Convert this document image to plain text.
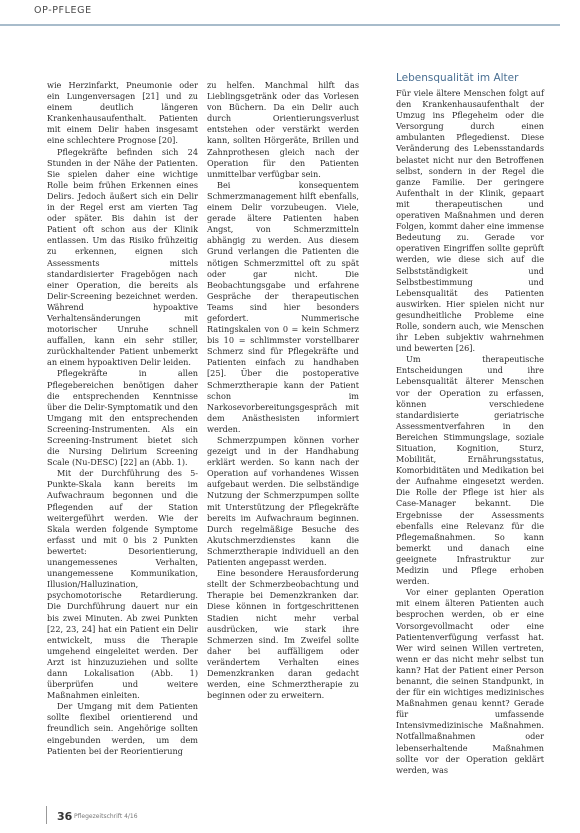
OP-PFLEGE

wie Herzinfarkt, Pneumonie oder ein Lungenversagen [21] und zu einem deutlich längeren Krankenhausaufenthalt. Patienten mit einem Delir haben insgesamt eine schlechtere Prognose [20].

Pflegekräfte befinden sich 24 Stunden in der Nähe der Patienten. Sie spielen daher eine wichtige Rolle beim frühen Erkennen eines Delirs. Jedoch äußert sich ein Delir in der Regel erst am vierten Tag oder später. Bis dahin ist der Patient oft schon aus der Klinik entlassen. Um das Risiko frühzeitig zu erkennen, eignen sich Assessments mittels standardisierter Fragebögen nach einer Operation, die bereits als Delir-Screening bezeichnet werden. Während hypoaktive Verhaltensänderungen mit motorischer Unruhe schnell auffallen, kann ein sehr stiller, zurückhaltender Patient unbemerkt an einem hypoaktiven Delir leiden.

Pflegekräfte in allen Pflegebereichen benötigen daher die entsprechenden Kenntnisse über die Delir-Symptomatik und den Umgang mit den entsprechenden Screening-Instrumenten. Als ein Screening-Instrument bietet sich die Nursing Delirium Screening Scale (Nu-DESC) [22] an (Abb. 1).

Mit der Durchführung des 5-Punkte-Skala kann bereits im Aufwachraum begonnen und die Pflegenden auf der Station weitergeführt werden. Wie der Skala werden folgende Symptome erfasst und mit 0 bis 2 Punkten bewertet: Desorientierung, unangemessenes Verhalten, unangemessene Kommunikation, Illusion/Halluzination, psychomotorische Retardierung. Die Durchführung dauert nur ein bis zwei Minuten. Ab zwei Punkten [22, 23, 24] hat ein Patient ein Delir entwickelt, muss die Therapie umgehend eingeleitet werden. Der Arzt ist hinzuzuziehen und sollte dann Lokalisation (Abb. 1) überprüfen und weitere Maßnahmen einleiten.

Der Umgang mit dem Patienten sollte flexibel orientierend und freundlich sein. Angehörige sollten eingebunden werden, um dem Patienten bei der Reorientierung

zu helfen. Manchmal hilft das Lieblingsgetränk oder das Vorlesen von Büchern. Da ein Delir auch durch Orientierungsverlust entstehen oder verstärkt werden kann, sollten Hörgeräte, Brillen und Zahnprothesen gleich nach der Operation für den Patienten unmittelbar verfügbar sein.

Bei konsequentem Schmerzmanagement hilft ebenfalls, einem Delir vorzubeugen. Viele, gerade ältere Patienten haben Angst, von Schmerzmitteln abhängig zu werden. Aus diesem Grund verlangen die Patienten die nötigen Schmerzmittel oft zu spät oder gar nicht. Die Beobachtungsgabe und erfahrene Gespräche der therapeutischen Teams sind hier besonders gefordert. Nummerische Ratingskalen von 0 = kein Schmerz bis 10 = schlimmster vorstellbarer Schmerz sind für Pflegekräfte und Patienten einfach zu handhaben [25]. Über die postoperative Schmerztherapie kann der Patient schon im Narkosevorbereitungsgespräch mit dem Anästhesisten informiert werden.

Schmerzpumpen können vorher gezeigt und in der Handhabung erklärt werden. So kann nach der Operation auf vorhandenes Wissen aufgebaut werden. Die selbständige Nutzung der Schmerzpumpen sollte mit Unterstützung der Pflegekräfte bereits im Aufwachraum beginnen. Durch regelmäßige Besuche des Akutschmerzdienstes kann die Schmerztherapie individuell an den Patienten angepasst werden.

Eine besondere Herausforderung stellt der Schmerzbeobachtung und Therapie bei Demenzkranken dar. Diese können in fortgeschrittenen Stadien nicht mehr verbal ausdrücken, wie stark ihre Schmerzen sind. Im Zweifel sollte daher bei auffälligem oder verändertem Verhalten eines Demenzkranken daran gedacht werden, eine Schmerztherapie zu beginnen oder zu erweitern.

Lebensqualität im Alter

Für viele ältere Menschen folgt auf den Krankenhausaufenthalt der Umzug ins Pflegeheim oder die Versorgung durch einen ambulanten Pflegedienst. Diese Veränderung des Lebensstandards belastet nicht nur den Betroffenen selbst, sondern in der Regel die ganze Familie. Der geringere Aufenthalt in der Klinik, gepaart mit therapeutischen und operativen Maßnahmen und deren Folgen, kommt daher eine immense Bedeutung zu. Gerade vor operativen Eingriffen sollte geprüft werden, wie diese sich auf die Selbstständigkeit und Selbstbestimmung und Lebensqualität des Patienten auswirken. Hier spielen nicht nur gesundheitliche Probleme eine Rolle, sondern auch, wie Menschen ihr Leben subjektiv wahrnehmen und bewerten [26].

Um therapeutische Entscheidungen und ihre Lebensqualität älterer Menschen vor der Operation zu erfassen, können verschiedene standardisierte geriatrische Assessmentverfahren in den Bereichen Stimmungslage, soziale Situation, Kognition, Sturz, Mobilität, Ernährungsstatus, Komorbiditäten und Medikation bei der Aufnahme eingesetzt werden. Die Rolle der Pflege ist hier als Case-Manager bekannt. Die Ergebnisse der Assessments ebenfalls eine Relevanz für die Pflegemaßnahmen. So kann bemerkt und danach eine geeignete Infrastruktur zur Medizin und Pflege erhoben werden.

Vor einer geplanten Operation mit einem älteren Patienten auch besprochen werden, ob er eine Vorsorgevollmacht oder eine Patientenverfügung verfasst hat. Wer wird seinen Willen vertreten, wenn er das nicht mehr selbst tun kann? Hat der Patient einer Person benannt, die seinen Standpunkt, in der für ein wichtiges medizinisches Maßnahmen genau kennt? Gerade für umfassende Intensivmedizinische Maßnahmen. Notfallmaßnahmen oder lebenserhaltende Maßnahmen sollte vor der Operation geklärt werden, was

36 Pflegezeitschrift 4/16
